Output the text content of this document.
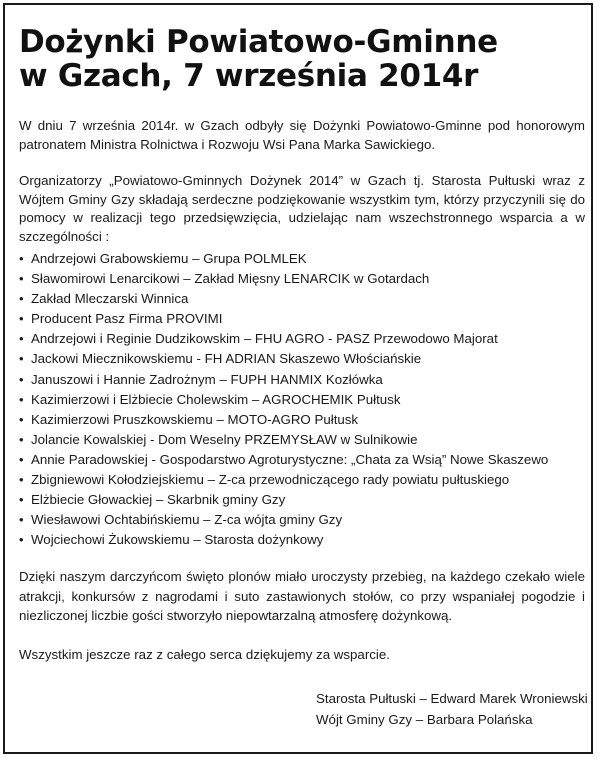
Dożynki Powiatowo-Gminne
w Gzach, 7 września 2014r

W dniu 7 września 2014r. w Gzach odbyły się Dożynki Powiatowo-Gminne pod honorowym patronatem Ministra Rolnictwa i Rozwoju Wsi Pana Marka Sawickiego.

Organizatorzy „Powiatowo-Gminnych Dożynek 2014” w Gzach tj. Starosta Pułtuski wraz z Wójtem Gminy Gzy składają serdeczne podziękowanie wszystkim tym, którzy przyczynili się do pomocy w realizacji tego przedsięwzięcia, udzielając nam wszechstronnego wsparcia a w szczególności :

• Andrzejowi Grabowskiemu – Grupa POLMLEK
• Sławomirowi Lenarcikowi – Zakład Mięsny LENARCIK w Gotardach
• Zakład Mleczarski Winnica
• Producent Pasz Firma PROVIMI
• Andrzejowi i Reginie Dudzikowskim – FHU AGRO - PASZ Przewodowo Majorat
• Jackowi Miecznikowskiemu - FH ADRIAN Skaszewo Włościańskie
• Januszowi i Hannie Zadrożnym – FUPH HANMIX Kozłówka
• Kazimierzowi i Elżbiecie Cholewskim – AGROCHEMIK Pułtusk
• Kazimierzowi Pruszkowskiemu – MOTO-AGRO Pułtusk
• Jolancie Kowalskiej - Dom Weselny PRZEMYSŁAW w Sulnikowie
• Annie Paradowskiej - Gospodarstwo Agroturystyczne: „Chata za Wsią” Nowe Skaszewo
• Zbigniewowi Kołodziejskiemu – Z-ca przewodniczącego rady powiatu pułtuskiego
• Elżbiecie Głowackiej – Skarbnik gminy Gzy
• Wiesławowi Ochtabińskiemu – Z-ca wójta gminy Gzy
• Wojciechowi Żukowskiemu – Starosta dożynkowy

Dzięki naszym darczyńcom święto plonów miało uroczysty przebieg, na każdego czekało wiele atrakcji, konkursów z nagrodami i suto zastawionych stołów, co przy wspaniałej pogodzie i niezliczonej liczbie gości stworzyło niepowtarzalną atmosferę dożynkową.

Wszystkim jeszcze raz z całego serca dziękujemy za wsparcie.

Starosta Pułtuski – Edward Marek Wroniewski
Wójt Gminy Gzy – Barbara Polańska
